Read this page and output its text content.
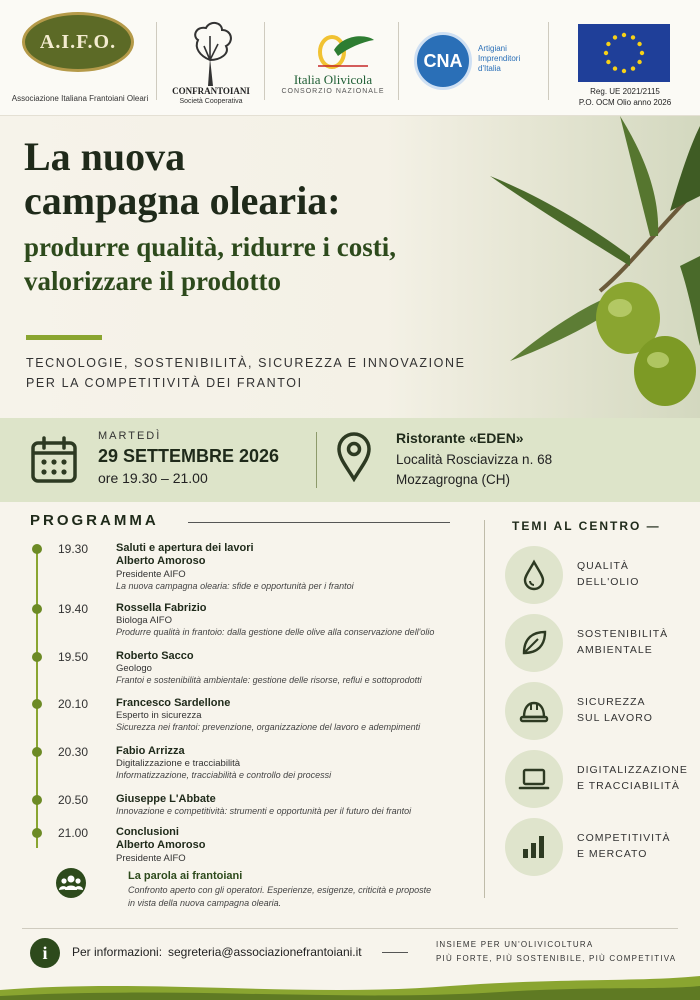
A.I.F.O.
Associazione Italiana Frantoiani Oleari
CONFRANTOIANI
Società Cooperativa
Italia Olivicola
CONSORZIO NAZIONALE
CNA
Artigiani
Imprenditori
d'Italia
Reg. UE 2021/2115
P.O. OCM Olio anno 2026
La nuova
campagna olearia:
produrre qualità, ridurre i costi,
valorizzare il prodotto
TECNOLOGIE, SOSTENIBILITÀ, SICUREZZA E INNOVAZIONE
PER LA COMPETITIVITÀ DEI FRANTOI
MARTEDÌ
29 SETTEMBRE 2026
ore 19.30 – 21.00
Ristorante «EDEN»
Località Rosciavizza n. 68
Mozzagrogna (CH)
PROGRAMMA
19.30	Saluti e apertura dei lavori
Alberto Amoroso
Presidente AIFO
La nuova campagna olearia: sfide e opportunità per i frantoi
19.40	Rossella Fabrizio
Biologa AIFO
Produrre qualità in frantoio: dalla gestione delle olive alla conservazione dell'olio
19.50	Roberto Sacco
Geologo
Frantoi e sostenibilità ambientale: gestione delle risorse, reflui e sottoprodotti
20.10	Francesco Sardellone
Esperto in sicurezza
Sicurezza nei frantoi: prevenzione, organizzazione del lavoro e adempimenti
20.30	Fabio Arrizza
Digitalizzazione e tracciabilità
Informatizzazione, tracciabilità e controllo dei processi
20.50	Giuseppe L'Abbate
Innovazione e competitività: strumenti e opportunità per il futuro dei frantoi
21.00	Conclusioni
Alberto Amoroso
Presidente AIFO
La parola ai frantoiani
Confronto aperto con gli operatori. Esperienze, esigenze, criticità e proposte
in vista della nuova campagna olearia.
TEMI AL CENTRO —
QUALITÀ
DELL'OLIO
SOSTENIBILITÀ
AMBIENTALE
SICUREZZA
SUL LAVORO
DIGITALIZZAZIONE
E TRACCIABILITÀ
COMPETITIVITÀ
E MERCATO
i	Per informazioni: segreteria@associazionefrantoiani.it
INSIEME PER UN'OLIVICOLTURA
PIÙ FORTE, PIÙ SOSTENIBILE, PIÙ COMPETITIVA
